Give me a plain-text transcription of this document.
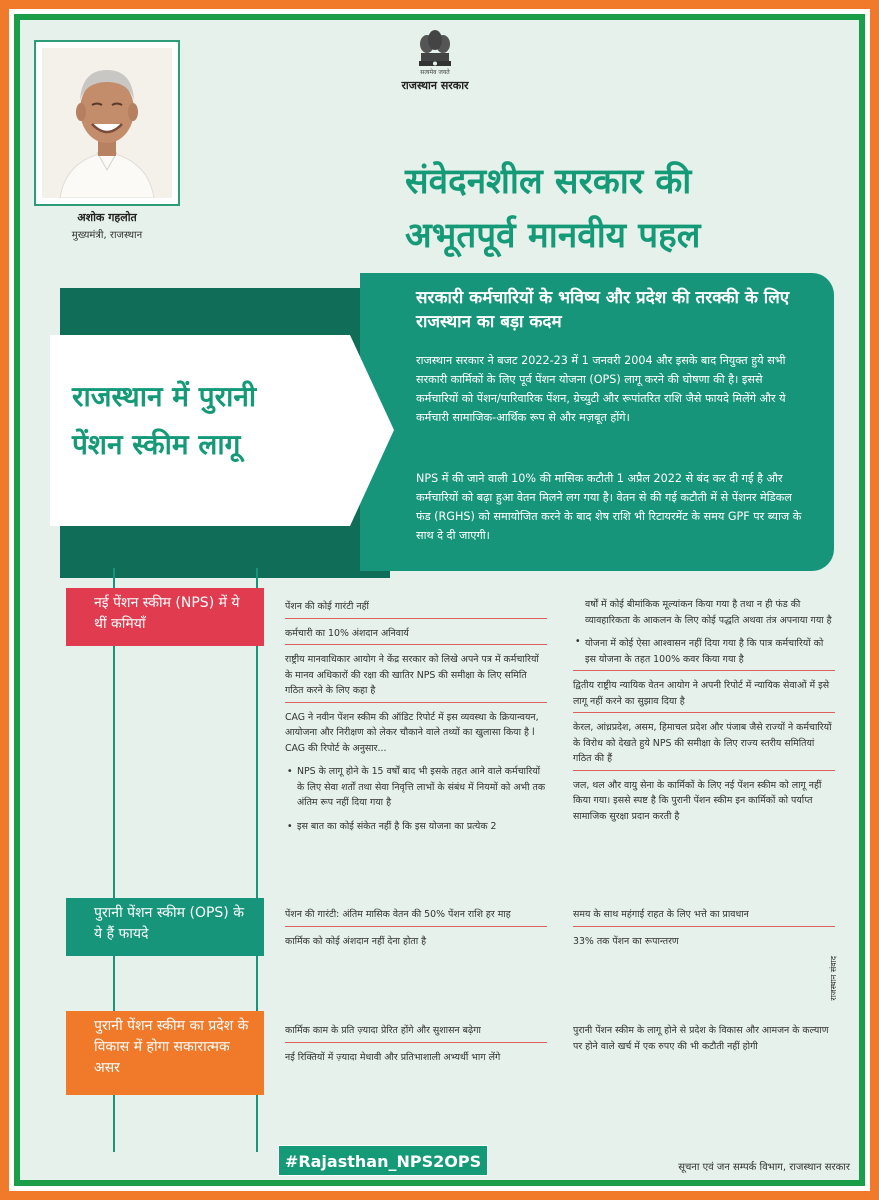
अशोक गहलोत
मुख्यमंत्री, राजस्थान
सत्यमेव जयते
राजस्थान सरकार
संवेदनशील सरकार की
अभूतपूर्व मानवीय पहल
सरकारी कर्मचारियों के भविष्य और प्रदेश की तरक्की के लिए राजस्थान का बड़ा कदम
राजस्थान सरकार ने बजट 2022-23 में 1 जनवरी 2004 और इसके बाद नियुक्त हुये सभी सरकारी कार्मिकों के लिए पूर्व पेंशन योजना (OPS) लागू करने की घोषणा की है। इससे कर्मचारियों को पेंशन/पारिवारिक पेंशन, ग्रेच्युटी और रूपांतरित राशि जैसे फायदे मिलेंगे और ये कर्मचारी सामाजिक-आर्थिक रूप से और मज़बूत होंगे।
NPS में की जाने वाली 10% की मासिक कटौती 1 अप्रैल 2022 से बंद कर दी गई है और कर्मचारियों को बढ़ा हुआ वेतन मिलने लग गया है। वेतन से की गई कटौती में से पेंशनर मेडिकल फंड (RGHS) को समायोजित करने के बाद शेष राशि भी रिटायरमेंट के समय GPF पर ब्याज के साथ दे दी जाएगी।
राजस्थान में पुरानी
पेंशन स्कीम लागू
नई पेंशन स्कीम (NPS) में ये थीं कमियाँ
पेंशन की कोई गारंटी नहीं
कर्मचारी का 10% अंशदान अनिवार्य
राष्ट्रीय मानवाधिकार आयोग ने केंद्र सरकार को लिखे अपने पत्र में कर्मचारियों के मानव अधिकारों की रक्षा की खातिर NPS की समीक्षा के लिए समिति गठित करने के लिए कहा है
CAG ने नवीन पेंशन स्कीम की ऑडिट रिपोर्ट में इस व्यवस्था के क्रियान्वयन, आयोजना और निरीक्षण को लेकर चौकाने वाले तथ्यों का खुलासा किया है l CAG की रिपोर्ट के अनुसार...
• NPS के लागू होने के 15 वर्षों बाद भी इसके तहत आने वाले कर्मचारियों के लिए सेवा शर्तों तथा सेवा निवृत्ति लाभों के संबंध में नियमों को अभी तक अंतिम रूप नहीं दिया गया है
• इस बात का कोई संकेत नहीं है कि इस योजना का प्रत्येक 2
वर्षों में कोई बीमांकिक मूल्यांकन किया गया है तथा न ही फंड की व्यावहारिकता के आकलन के लिए कोई पद्धति अथवा तंत्र अपनाया गया है
• योजना में कोई ऐसा आश्वासन नहीं दिया गया है कि पात्र कर्मचारियों को इस योजना के तहत 100% कवर किया गया है
द्वितीय राष्ट्रीय न्यायिक वेतन आयोग ने अपनी रिपोर्ट में न्यायिक सेवाओं में इसे लागू नहीं करने का सुझाव दिया है
केरल, आंध्रप्रदेश, असम, हिमाचल प्रदेश और पंजाब जैसे राज्यों ने कर्मचारियों के विरोध को देखते हुये NPS की समीक्षा के लिए राज्य स्तरीय समितियां गठित की हैं
जल, थल और वायु सेना के कार्मिकों के लिए नई पेंशन स्कीम को लागू नहीं किया गया। इससे स्पष्ट है कि पुरानी पेंशन स्कीम इन कार्मिकों को पर्याप्त सामाजिक सुरक्षा प्रदान करती है
पुरानी पेंशन स्कीम (OPS) के ये हैं फायदे
पेंशन की गारंटी: अंतिम मासिक वेतन की 50% पेंशन राशि हर माह
कार्मिक को कोई अंशदान नहीं देना होता है
समय के साथ महंगाई राहत के लिए भत्ते का प्रावधान
33% तक पेंशन का रूपान्तरण
पुरानी पेंशन स्कीम का प्रदेश के विकास में होगा सकारात्मक असर
कार्मिक काम के प्रति ज़्यादा प्रेरित होंगे और सुशासन बढ़ेगा
नई रिक्तियों में ज़्यादा मेधावी और प्रतिभाशाली अभ्यर्थी भाग लेंगे
पुरानी पेंशन स्कीम के लागू होने से प्रदेश के विकास और आमजन के कल्याण पर होने वाले खर्च में एक रुपए की भी कटौती नहीं होगी
राजस्थान संवाद
#Rajasthan_NPS2OPS	सूचना एवं जन सम्पर्क विभाग, राजस्थान सरकार
